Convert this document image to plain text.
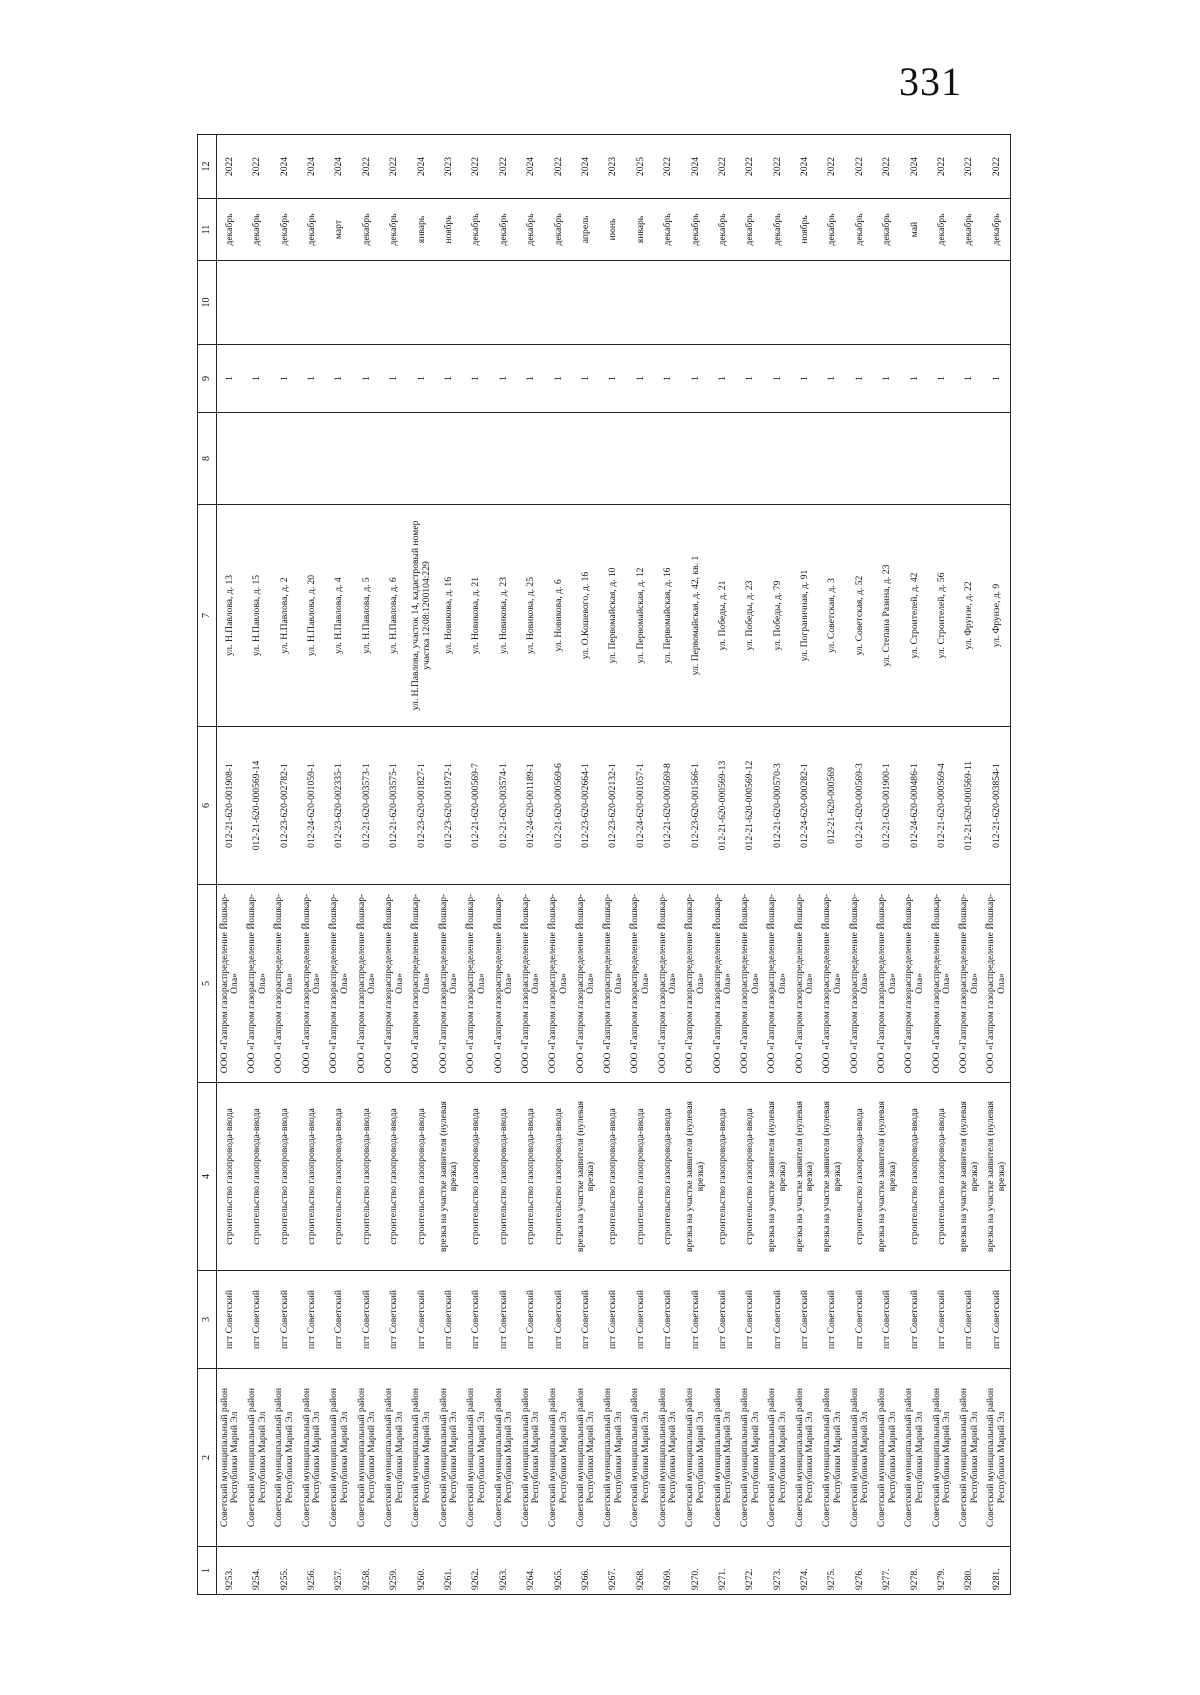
331
1	2	3	4	5	6	7	8	9	10	11	12
9253.	Советский муниципальный район Республики Марий Эл	пгт Советский	строительство газопровода-ввода	ООО «Газпром газораспределение Йошкар-Ола»	012-21-620-001908-1	ул. Н.Павлова, д. 13		1		декабрь	2022
9254.	Советский муниципальный район Республики Марий Эл	пгт Советский	строительство газопровода-ввода	ООО «Газпром газораспределение Йошкар-Ола»	012-21-620-000569-14	ул. Н.Павлова, д. 15		1		декабрь	2022
9255.	Советский муниципальный район Республики Марий Эл	пгт Советский	строительство газопровода-ввода	ООО «Газпром газораспределение Йошкар-Ола»	012-23-620-002782-1	ул. Н.Павлова, д. 2		1		декабрь	2024
9256.	Советский муниципальный район Республики Марий Эл	пгт Советский	строительство газопровода-ввода	ООО «Газпром газораспределение Йошкар-Ола»	012-24-620-001059-1	ул. Н.Павлова, д. 20		1		декабрь	2024
9257.	Советский муниципальный район Республики Марий Эл	пгт Советский	строительство газопровода-ввода	ООО «Газпром газораспределение Йошкар-Ола»	012-23-620-002335-1	ул. Н.Павлова, д. 4		1		март	2024
9258.	Советский муниципальный район Республики Марий Эл	пгт Советский	строительство газопровода-ввода	ООО «Газпром газораспределение Йошкар-Ола»	012-21-620-003573-1	ул. Н.Павлова, д. 5		1		декабрь	2022
9259.	Советский муниципальный район Республики Марий Эл	пгт Советский	строительство газопровода-ввода	ООО «Газпром газораспределение Йошкар-Ола»	012-21-620-003575-1	ул. Н.Павлова, д. 6		1		декабрь	2022
9260.	Советский муниципальный район Республики Марий Эл	пгт Советский	строительство газопровода-ввода	ООО «Газпром газораспределение Йошкар-Ола»	012-23-620-001827-1	ул. Н.Павлова, участок 14, кадастровый номер участка 12:08:1200104:229		1		январь	2024
9261.	Советский муниципальный район Республики Марий Эл	пгт Советский	врезка на участке заявителя (нулевая врезка)	ООО «Газпром газораспределение Йошкар-Ола»	012-23-620-001972-1	ул. Новикова, д. 16		1		ноябрь	2023
9262.	Советский муниципальный район Республики Марий Эл	пгт Советский	строительство газопровода-ввода	ООО «Газпром газораспределение Йошкар-Ола»	012-21-620-000569-7	ул. Новикова, д. 21		1		декабрь	2022
9263.	Советский муниципальный район Республики Марий Эл	пгт Советский	строительство газопровода-ввода	ООО «Газпром газораспределение Йошкар-Ола»	012-21-620-003574-1	ул. Новикова, д. 23		1		декабрь	2022
9264.	Советский муниципальный район Республики Марий Эл	пгт Советский	строительство газопровода-ввода	ООО «Газпром газораспределение Йошкар-Ола»	012-24-620-001189-1	ул. Новикова, д. 25		1		декабрь	2024
9265.	Советский муниципальный район Республики Марий Эл	пгт Советский	строительство газопровода-ввода	ООО «Газпром газораспределение Йошкар-Ола»	012-21-620-000569-6	ул. Новикова, д. 6		1		декабрь	2022
9266.	Советский муниципальный район Республики Марий Эл	пгт Советский	врезка на участке заявителя (нулевая врезка)	ООО «Газпром газораспределение Йошкар-Ола»	012-23-620-002664-1	ул. О.Кошевого, д. 16		1		апрель	2024
9267.	Советский муниципальный район Республики Марий Эл	пгт Советский	строительство газопровода-ввода	ООО «Газпром газораспределение Йошкар-Ола»	012-23-620-002132-1	ул. Первомайская, д. 10		1		июнь	2023
9268.	Советский муниципальный район Республики Марий Эл	пгт Советский	строительство газопровода-ввода	ООО «Газпром газораспределение Йошкар-Ола»	012-24-620-001057-1	ул. Первомайская, д. 12		1		январь	2025
9269.	Советский муниципальный район Республики Марий Эл	пгт Советский	строительство газопровода-ввода	ООО «Газпром газораспределение Йошкар-Ола»	012-21-620-000569-8	ул. Первомайская, д. 16		1		декабрь	2022
9270.	Советский муниципальный район Республики Марий Эл	пгт Советский	врезка на участке заявителя (нулевая врезка)	ООО «Газпром газораспределение Йошкар-Ола»	012-23-620-001566-1	ул. Первомайская, д. 42, кв. 1		1		декабрь	2024
9271.	Советский муниципальный район Республики Марий Эл	пгт Советский	строительство газопровода-ввода	ООО «Газпром газораспределение Йошкар-Ола»	012-21-620-000569-13	ул. Победы, д. 21		1		декабрь	2022
9272.	Советский муниципальный район Республики Марий Эл	пгт Советский	строительство газопровода-ввода	ООО «Газпром газораспределение Йошкар-Ола»	012-21-620-000569-12	ул. Победы, д. 23		1		декабрь	2022
9273.	Советский муниципальный район Республики Марий Эл	пгт Советский	врезка на участке заявителя (нулевая врезка)	ООО «Газпром газораспределение Йошкар-Ола»	012-21-620-000570-3	ул. Победы, д. 79		1		декабрь	2022
9274.	Советский муниципальный район Республики Марий Эл	пгт Советский	врезка на участке заявителя (нулевая врезка)	ООО «Газпром газораспределение Йошкар-Ола»	012-24-620-000282-1	ул. Пограничная, д. 91		1		ноябрь	2024
9275.	Советский муниципальный район Республики Марий Эл	пгт Советский	врезка на участке заявителя (нулевая врезка)	ООО «Газпром газораспределение Йошкар-Ола»	012-21-620-000569	ул. Советская, д. 3		1		декабрь	2022
9276.	Советский муниципальный район Республики Марий Эл	пгт Советский	строительство газопровода-ввода	ООО «Газпром газораспределение Йошкар-Ола»	012-21-620-000569-3	ул. Советская, д. 52		1		декабрь	2022
9277.	Советский муниципальный район Республики Марий Эл	пгт Советский	врезка на участке заявителя (нулевая врезка)	ООО «Газпром газораспределение Йошкар-Ола»	012-21-620-001900-1	ул. Степана Разина, д. 23		1		декабрь	2022
9278.	Советский муниципальный район Республики Марий Эл	пгт Советский	строительство газопровода-ввода	ООО «Газпром газораспределение Йошкар-Ола»	012-24-620-000486-1	ул. Строителей, д. 42		1		май	2024
9279.	Советский муниципальный район Республики Марий Эл	пгт Советский	строительство газопровода-ввода	ООО «Газпром газораспределение Йошкар-Ола»	012-21-620-000569-4	ул. Строителей, д. 56		1		декабрь	2022
9280.	Советский муниципальный район Республики Марий Эл	пгт Советский	врезка на участке заявителя (нулевая врезка)	ООО «Газпром газораспределение Йошкар-Ола»	012-21-620-000569-11	ул. Фрунзе, д. 22		1		декабрь	2022
9281.	Советский муниципальный район Республики Марий Эл	пгт Советский	врезка на участке заявителя (нулевая врезка)	ООО «Газпром газораспределение Йошкар-Ола»	012-21-620-003854-1	ул. Фрунзе, д. 9		1		декабрь	2022
